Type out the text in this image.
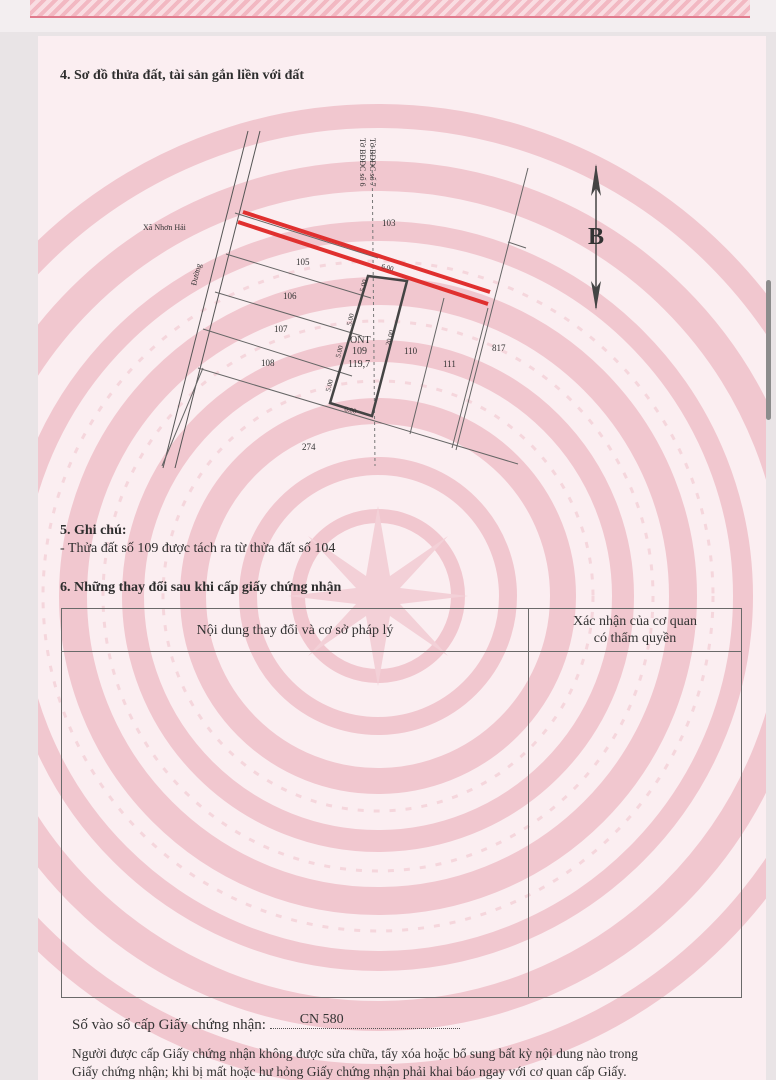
4. Sơ đồ thửa đất, tài sản gắn liền với đất
B
Tờ BĐĐC số 7
Tờ BĐĐC số 6
Xã Nhơn Hải
Đường
103
105
106
107
108
110
111
817
274
ONT
109
119,7
6.00
6.00
20.00
5.00
5.00
5.00
5.00
5. Ghi chú:
- Thửa đất số 109 được tách ra từ thửa đất số 104
6. Những thay đổi sau khi cấp giấy chứng nhận
Nội dung thay đổi và cơ sở pháp lý	Xác nhận của cơ quan
có thẩm quyền

Số vào sổ cấp Giấy chứng nhận: CN 580
Người được cấp Giấy chứng nhận không được sửa chữa, tẩy xóa hoặc bổ sung bất kỳ nội dung nào trong
Giấy chứng nhận; khi bị mất hoặc hư hỏng Giấy chứng nhận phải khai báo ngay với cơ quan cấp Giấy.
